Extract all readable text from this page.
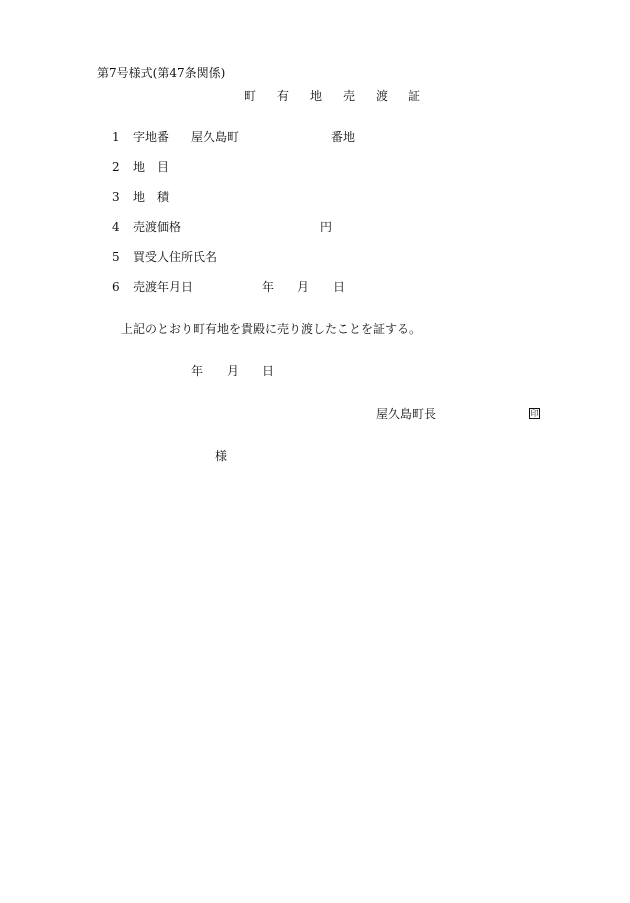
第7号様式(第47条関係)
町 有 地 売 渡 証
1 字地番 屋久島町	番地
2 地　目
3 地　積
4 売渡価格	円
5 買受人住所氏名
6 売渡年月日	年 月 日
上記のとおり町有地を貴殿に売り渡したことを証する。
年 月 日
屋久島町長	印
様
